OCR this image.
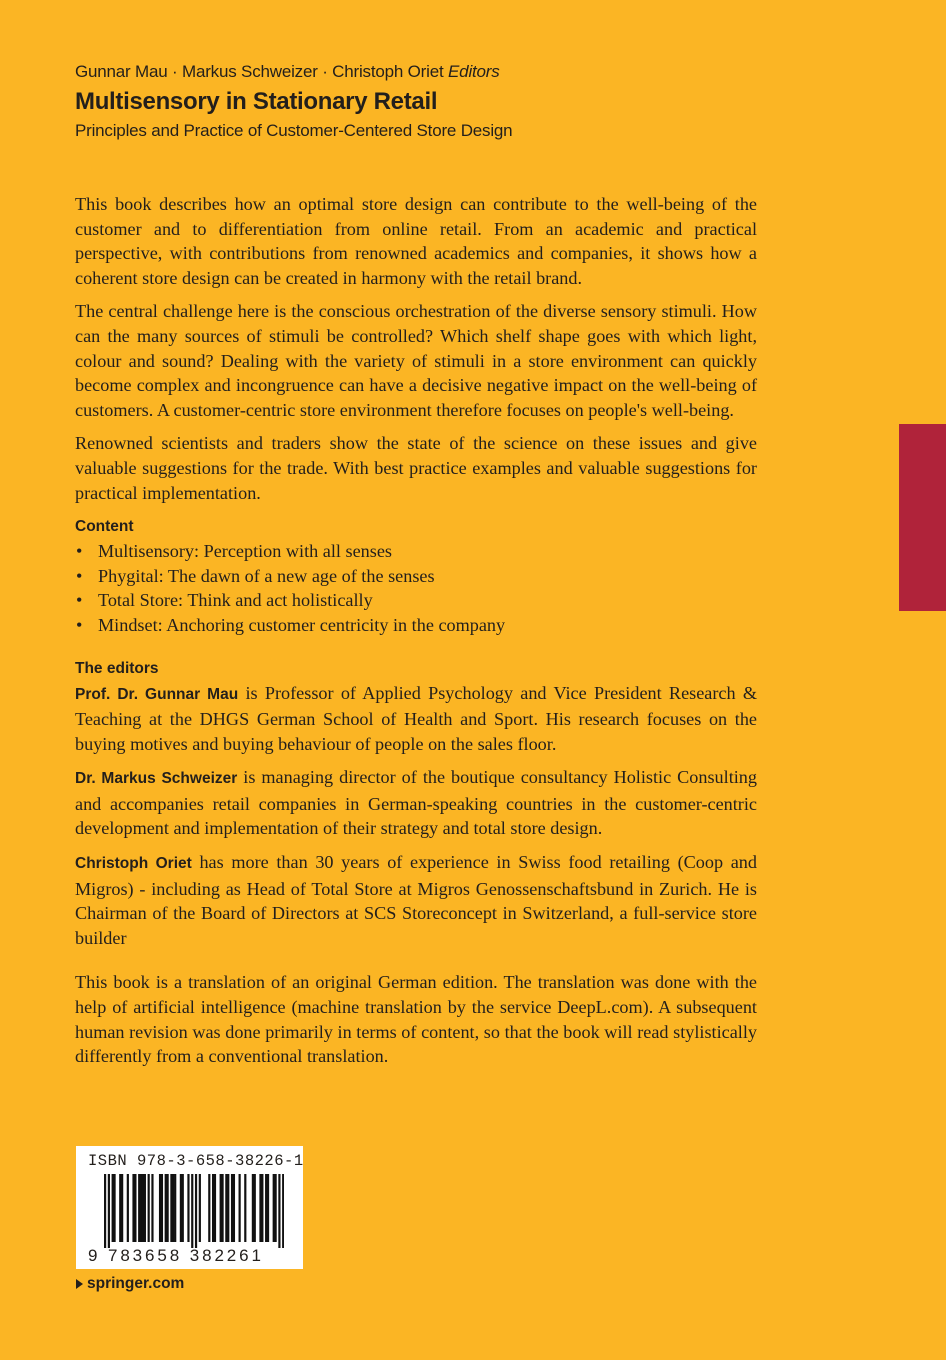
Gunnar Mau · Markus Schweizer · Christoph Oriet Editors
Multisensory in Stationary Retail
Principles and Practice of Customer-Centered Store Design

This book describes how an optimal store design can contribute to the well-being of the customer and to differentiation from online retail. From an academic and practical perspective, with contributions from renowned academics and companies, it shows how a coherent store design can be created in harmony with the retail brand.

The central challenge here is the conscious orchestration of the diverse sensory stimuli. How can the many sources of stimuli be controlled? Which shelf shape goes with which light, colour and sound? Dealing with the variety of stimuli in a store environment can quickly become complex and incongruence can have a decisive negative impact on the well-being of customers. A customer-centric store environment therefore focuses on people's well-being.

Renowned scientists and traders show the state of the science on these issues and give valuable suggestions for the trade. With best practice examples and valuable suggestions for practical implementation.

Content
• Multisensory: Perception with all senses
• Phygital: The dawn of a new age of the senses
• Total Store: Think and act holistically
• Mindset: Anchoring customer centricity in the company
The editors

Prof. Dr. Gunnar Mau is Professor of Applied Psychology and Vice President Research & Teaching at the DHGS German School of Health and Sport. His research focuses on the buying motives and buying behaviour of people on the sales floor.

Dr. Markus Schweizer is managing director of the boutique consultancy Holistic Consulting and accompanies retail companies in German-speaking countries in the customer-centric development and implementation of their strategy and total store design.

Christoph Oriet has more than 30 years of experience in Swiss food retailing (Coop and Migros) - including as Head of Total Store at Migros Genossenschaftsbund in Zurich. He is Chairman of the Board of Directors at SCS Storeconcept in Switzerland, a full-service store builder

This book is a translation of an original German edition. The translation was done with the help of artificial intelligence (machine translation by the service DeepL.com). A subsequent human revision was done primarily in terms of content, so that the book will read stylistically differently from a conventional translation.

ISBN 978-3-658-38226-1
9 783658 382261
springer.com
